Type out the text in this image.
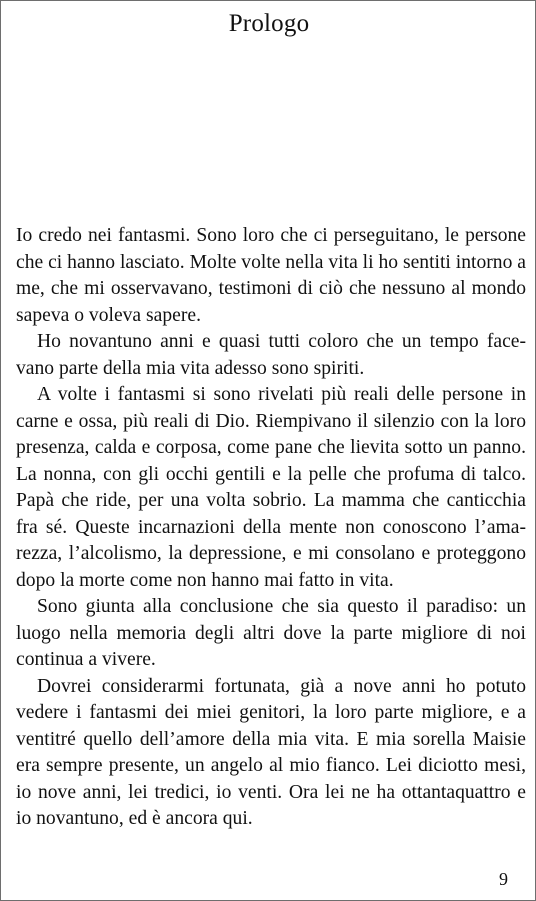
Prologo
Io credo nei fantasmi. Sono loro che ci perseguitano, le persone
che ci hanno lasciato. Molte volte nella vita li ho sentiti intorno a
me, che mi osservavano, testimoni di ciò che nessuno al mondo
sapeva o voleva sapere.
Ho novantuno anni e quasi tutti coloro che un tempo face-
vano parte della mia vita adesso sono spiriti.
A volte i fantasmi si sono rivelati più reali delle persone in
carne e ossa, più reali di Dio. Riempivano il silenzio con la loro
presenza, calda e corposa, come pane che lievita sotto un panno.
La nonna, con gli occhi gentili e la pelle che profuma di talco.
Papà che ride, per una volta sobrio. La mamma che canticchia
fra sé. Queste incarnazioni della mente non conoscono l’ama-
rezza, l’alcolismo, la depressione, e mi consolano e proteggono
dopo la morte come non hanno mai fatto in vita.
Sono giunta alla conclusione che sia questo il paradiso: un
luogo nella memoria degli altri dove la parte migliore di noi
continua a vivere.
Dovrei considerarmi fortunata, già a nove anni ho potuto
vedere i fantasmi dei miei genitori, la loro parte migliore, e a
ventitré quello dell’amore della mia vita. E mia sorella Maisie
era sempre presente, un angelo al mio fianco. Lei diciotto mesi,
io nove anni, lei tredici, io venti. Ora lei ne ha ottantaquattro e
io novantuno, ed è ancora qui.
9
